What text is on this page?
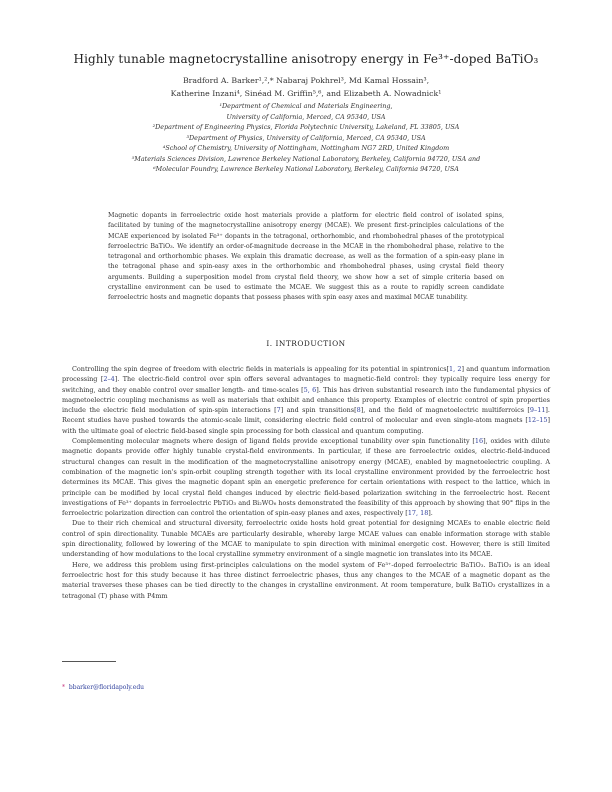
Highly tunable magnetocrystalline anisotropy energy in Fe³⁺-doped BaTiO₃
Bradford A. Barker¹,²,* Nabaraj Pokhrel³, Md Kamal Hossain³,
Katherine Inzani⁴, Sinéad M. Griffin⁵,⁶, and Elizabeth A. Nowadnick¹

¹Department of Chemical and Materials Engineering,

University of California, Merced, CA 95340, USA

²Department of Engineering Physics, Florida Polytechnic University, Lakeland, FL 33805, USA

³Department of Physics, University of California, Merced, CA 95340, USA

⁴School of Chemistry, University of Nottingham, Nottingham NG7 2RD, United Kingdom

⁵Materials Sciences Division, Lawrence Berkeley National Laboratory, Berkeley, California 94720, USA and

⁶Molecular Foundry, Lawrence Berkeley National Laboratory, Berkeley, California 94720, USA

Magnetic dopants in ferroelectric oxide host materials provide a platform for electric field control of isolated spins, facilitated by tuning of the magnetocrystalline anisotropy energy (MCAE). We present first-principles calculations of the MCAE experienced by isolated Fe³⁺ dopants in the tetragonal, orthorhombic, and rhombohedral phases of the prototypical ferroelectric BaTiO₃. We identify an order-of-magnitude decrease in the MCAE in the rhombohedral phase, relative to the tetragonal and orthorhombic phases. We explain this dramatic decrease, as well as the formation of a spin-easy plane in the tetragonal phase and spin-easy axes in the orthorhombic and rhombohedral phases, using crystal field theory arguments. Building a superposition model from crystal field theory, we show how a set of simple criteria based on crystalline environment can be used to estimate the MCAE. We suggest this as a route to rapidly screen candidate ferroelectric hosts and magnetic dopants that possess phases with spin easy axes and maximal MCAE tunability.
I. INTRODUCTION

Controlling the spin degree of freedom with electric fields in materials is appealing for its potential in spintronics[1, 2] and quantum information processing [2–4]. The electric-field control over spin offers several advantages to magnetic-field control: they typically require less energy for switching, and they enable control over smaller length- and time-scales [5, 6]. This has driven substantial research into the fundamental physics of magnetoelectric coupling mechanisms as well as materials that exhibit and enhance this property. Examples of electric control of spin properties include the electric field modulation of spin-spin interactions [7] and spin transitions[8], and the field of magnetoelectric multiferroics [9–11]. Recent studies have pushed towards the atomic-scale limit, considering electric field control of molecular and even single-atom magnets [12–15] with the ultimate goal of electric field-based single spin processing for both classical and quantum computing.

Complementing molecular magnets where design of ligand fields provide exceptional tunability over spin functionality [16], oxides with dilute magnetic dopants provide offer highly tunable crystal-field environments. In particular, if these are ferroelectric oxides, electric-field-induced structural changes can result in the modification of the magnetocrystalline anisotropy energy (MCAE), enabled by magnetoelectric coupling. A combination of the magnetic ion's spin-orbit coupling strength together with its local crystalline environment provided by the ferroelectric host determines its MCAE. This gives the magnetic dopant spin an energetic preference for certain orientations with respect to the lattice, which in principle can be modified by local crystal field changes induced by electric field-based polarization switching in the ferroelectric host. Recent investigations of Fe³⁺ dopants in ferroelectric PbTiO₃ and Bi₂WO₆ hosts demonstrated the feasibility of this approach by showing that 90° flips in the ferroelectric polarization direction can control the orientation of spin-easy planes and axes, respectively [17, 18].

Due to their rich chemical and structural diversity, ferroelectric oxide hosts hold great potential for designing MCAEs to enable electric field control of spin directionality. Tunable MCAEs are particularly desirable, whereby large MCAE values can enable information storage with stable spin directionality, followed by lowering of the MCAE to manipulate to spin direction with minimal energetic cost. However, there is still limited understanding of how modulations to the local crystalline symmetry environment of a single magnetic ion translates into its MCAE.

Here, we address this problem using first-principles calculations on the model system of Fe³⁺-doped ferroelectric BaTiO₃. BaTiO₃ is an ideal ferroelectric host for this study because it has three distinct ferroelectric phases, thus any changes to the MCAE of a magnetic dopant as the material traverses these phases can be tied directly to the changes in crystalline environment. At room temperature, bulk BaTiO₃ crystallizes in a tetragonal (T) phase with P4mm

* bbarker@floridapoly.edu
